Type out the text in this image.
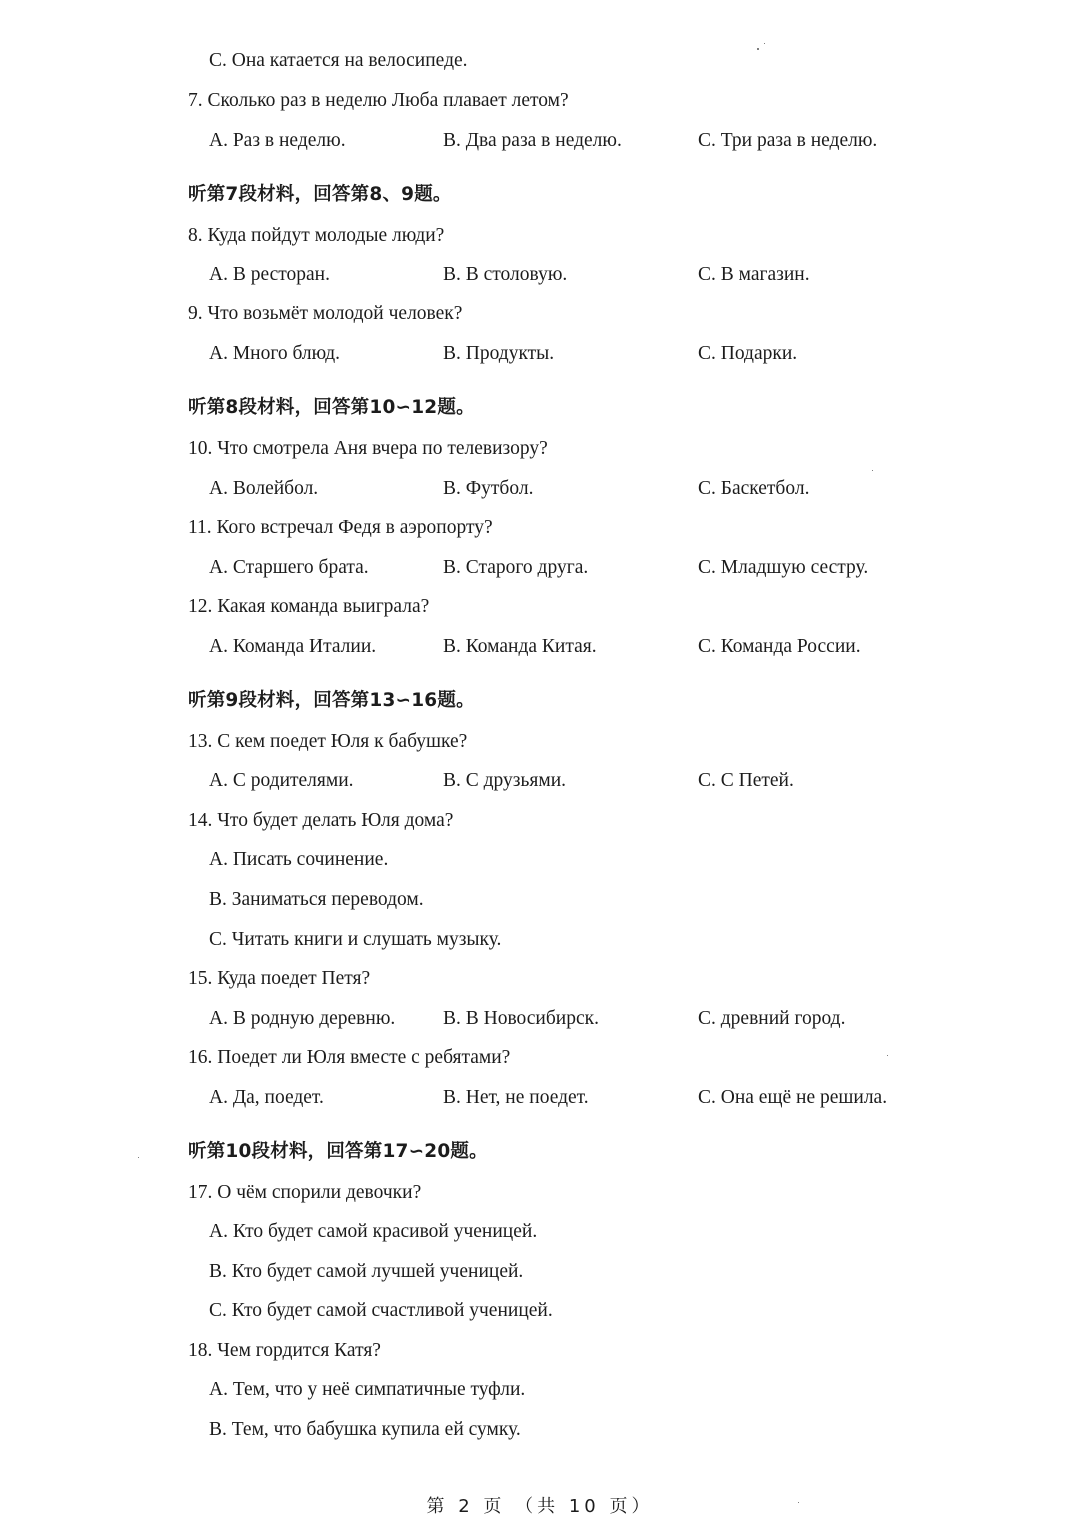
C. Она катается на велосипеде.
7. Сколько раз в неделю Люба плавает летом?
A. Раз в неделю.	B. Два раза в неделю.	C. Три раза в неделю.
听第7段材料，回答第8、9题。
8. Куда пойдут молодые люди?
A. В ресторан.	B. В столовую.	C. В магазин.
9. Что возьмёт молодой человек?
A. Много блюд.	B. Продукты.	C. Подарки.
听第8段材料，回答第10∽12题。
10. Что смотрела Аня вчера по телевизору?
A. Волейбол.	B. Футбол.	C. Баскетбол.
11. Кого встречал Федя в аэропорту?
A. Старшего брата.	B. Старого друга.	C. Младшую сестру.
12. Какая команда выиграла?
A. Команда Италии.	B. Команда Китая.	C. Команда России.
听第9段材料，回答第13∽16题。
13. С кем поедет Юля к бабушке?
A. С родителями.	B. С друзьями.	C. С Петей.
14. Что будет делать Юля дома?
A. Писать сочинение.
B. Заниматься переводом.
C. Читать книги и слушать музыку.
15. Куда поедет Петя?
A. В родную деревню. B. В Новосибирск.	C. древний город.
16. Поедет ли Юля вместе с ребятами?
A. Да, поедет.	B. Нет, не поедет.	C. Она ещё не решила.
听第10段材料，回答第17∽20题。
17. О чём спорили девочки?
A. Кто будет самой красивой ученицей.
B. Кто будет самой лучшей ученицей.
C. Кто будет самой счастливой ученицей.
18. Чем гордится Катя?
A. Тем, что у неё симпатичные туфли.
B. Тем, что бабушка купила ей сумку.
第 2 页 （共 10 页）
